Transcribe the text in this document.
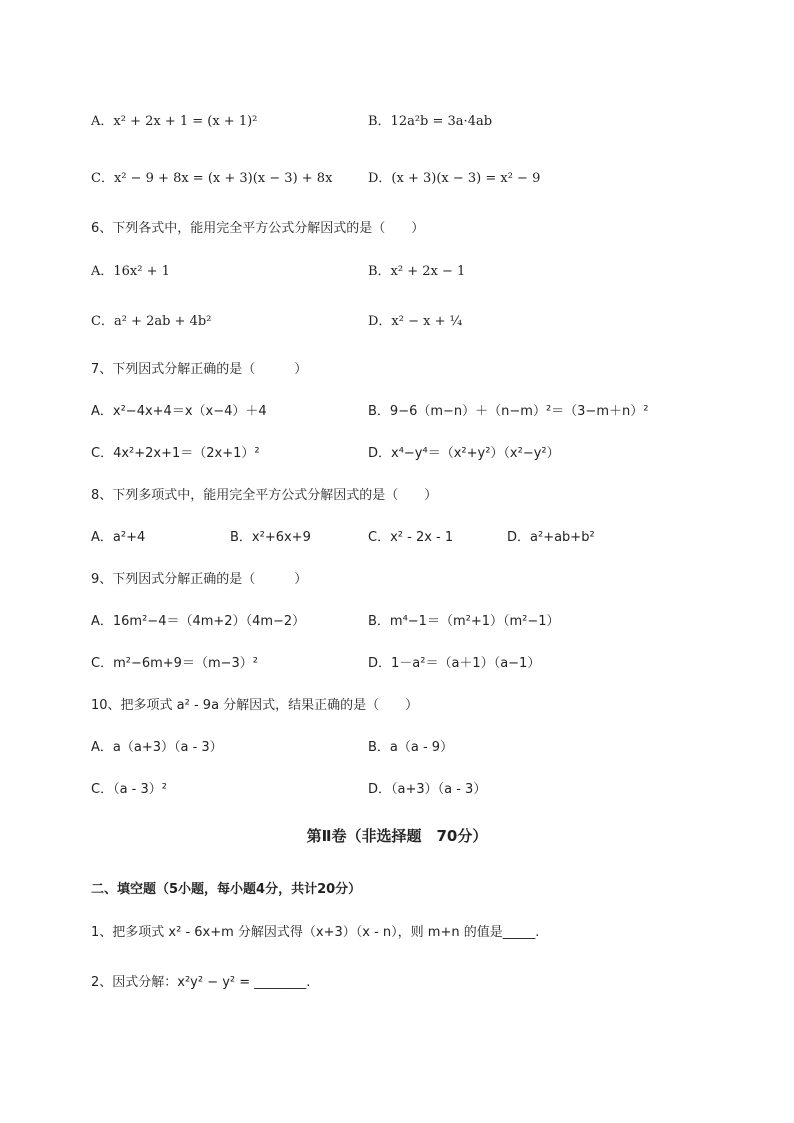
A．x² + 2x + 1 = (x + 1)²	B．12a²b = 3a·4ab
C．x² − 9 + 8x = (x + 3)(x − 3) + 8x	D．(x + 3)(x − 3) = x² − 9
6、下列各式中，能用完全平方公式分解因式的是（　　）
A．16x² + 1	B．x² + 2x − 1
C．a² + 2ab + 4b²	D．x² − x + ¼
7、下列因式分解正确的是（　　　）
A．x²−4x+4＝x（x−4）＋4	B．9−6（m−n）＋（n−m）²＝（3−m＋n）²
C．4x²+2x+1＝（2x+1）²	D．x⁴−y⁴＝（x²+y²）（x²−y²）
8、下列多项式中，能用完全平方公式分解因式的是（　　）
A．a²+4	B．x²+6x+9	C．x² - 2x - 1	D．a²+ab+b²
9、下列因式分解正确的是（　　　）
A．16m²−4＝（4m+2）（4m−2）	B．m⁴−1＝（m²+1）（m²−1）
C．m²−6m+9＝（m−3）²	D．1－a²＝（a＋1）（a−1）
10、把多项式 a² - 9a 分解因式，结果正确的是（　　）
A．a（a+3）（a - 3）	B．a（a - 9）
C．（a - 3）²	D．（a+3）（a - 3）
第Ⅱ卷（非选择题　70分）
二、填空题（5小题，每小题4分，共计20分）
1、把多项式 x² - 6x+m 分解因式得（x+3）（x - n），则 m+n 的值是_____.
2、因式分解：x²y² − y² = ________.
